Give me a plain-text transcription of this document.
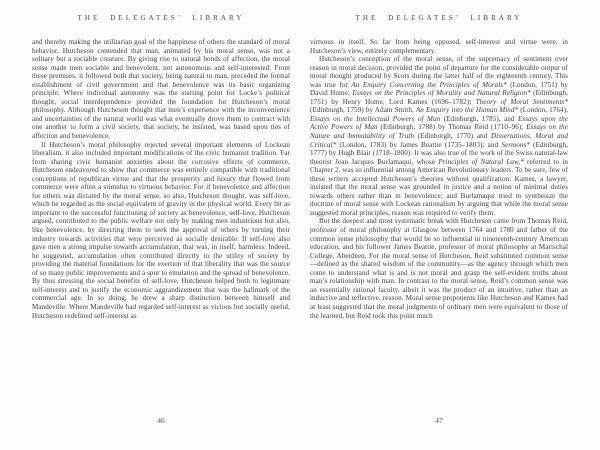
THE DELEGATES’ LIBRARY

and thereby making the utilitarian goal of the happiness of others the standard of moral behavior, Hutcheson contended that man, animated by his moral sense, was not a solitary but a sociable creature. By giving rise to natural bonds of affection, the moral sense made men sociable and benevolent, not autonomous and self-interested. From these premises, it followed both that society, being natural to man, preceded the formal establishment of civil government and that benevolence was its basic organizing principle. Where individual autonomy was the starting point for Locke’s political thought, social interdependence provided the foundation for Hutcheson’s moral philosophy. Although Hutcheson thought that men’s experience with the inconvenience and uncertainties of the natural world was what eventually drove them to contract with one another to form a civil society, that society, he insisted, was based upon ties of affection and benevolence.

If Hutcheson’s moral philosophy rejected several important elements of Lockean liberalism, it also included important modifications of the civic humanist tradition. Far from sharing civic humanist anxieties about the corrosive effects of commerce, Hutcheson endeavored to show that commerce was entirely compatible with traditional conceptions of republican virtue and that the prosperity and luxury that flowed from commerce were often a stimulus to virtuous behavior. For if benevolence and affection for others was dictated by the moral sense, so also, Hutcheson thought, was self-love, which he regarded as the social equivalent of gravity in the physical world. Every bit as important to the successful functioning of society as benevolence, self-love, Hutcheson argued, contributed to the public welfare not only by making men industrious but also, like benevolence, by directing them to seek the approval of others by turning their industry towards activities that were perceived as socially desirable. If self-love also gave men a strong impulse towards accumulation, that was, in itself, harmless. Indeed, he suggested, accumulation often contributed directly to the utility of society by providing the material foundations for the exertion of that liberality that was the source of so many public improvements and a spur to emulation and the spread of benevolence. By thus stressing the social benefits of self-love, Hutcheson helped both to legitimate self-interest and to justify the economic aggrandizement that was the hallmark of the commercial age. In so doing, he drew a sharp distinction between himself and Mandeville. Where Mandeville had regarded self-interest as vicious but socially useful, Hutcheson redefined self-interest as

46
THE DELEGATES’ LIBRARY

virtuous in itself. So far from being opposed, self-interest and virtue were, in Hutcheson’s view, entirely complementary.

Hutcheson’s conception of the moral sense, of the supremacy of sentiment over reason in moral decision, provided the point of departure for the considerable output of moral thought produced by Scots during the latter half of the eighteenth century. This was true for An Enquiry Concerning the Principles of Morals* (London, 1751) by David Hume; Essays on the Principles of Morality and Natural Religion* (Edinburgh, 1751) by Henry Home, Lord Kames (1696–1782); Theory of Moral Sentiments* (Edinburgh, 1759) by Adam Smith, An Enquiry into the Human Mind* (London, 1764), Essays on the Intellectual Powers of Man (Edinburgh, 1785), and Essays upon the Active Powers of Man (Edinburgh, 1788) by Thomas Reid (1710–96); Essays on the Nature and Immutability of Truth (Edinburgh, 1770) and Dissertations, Moral and Critical* (London, 1783) by James Beattie (1735–1803); and Sermons* (Edinburgh, 1777) by Hugh Blair (1718–1800). It was also true of the work of the Swiss natural-law theorist Jean Jacques Burlamaqui, whose Principles of Natural Law,* referred to in Chapter 2, was so influential among American Revolutionary leaders. To be sure, few of these writers accepted Hutcheson’s theories without qualification: Kames, a lawyer, insisted that the moral sense was grounded in justice and a notion of minimal duties towards others rather than in benevolence; and Burlamaqui tried to synthesize the doctrine of moral sense with Lockean rationalism by arguing that while the moral sense suggested moral principles, reason was required to verify them.

But the deepest and most systematic break with Hutcheson came from Thomas Reid, professor of moral philosophy at Glasgow between 1764 and 1780 and father of the common sense philosophy that would be so influential in nineteenth-century American education, and his follower James Beattie, professor of moral philosophy at Marischal College, Aberdeen. For the moral sense of Hutcheson, Reid substituted common sense—defined as the shared wisdom of the community—as the agency through which men come to understand what is and is not moral and grasp the self-evident truths about man’s relationship with man. In contrast to the moral sense, Reid’s common sense was an essentially rational faculty, albeit it was the product of an intuitive, rather than an inductive and reflective, reason. Moral sense proponents like Hutcheson and Kames had at least suggested that the moral judgments of ordinary men were equivalent to those of the learned, but Reid took this point much

47
